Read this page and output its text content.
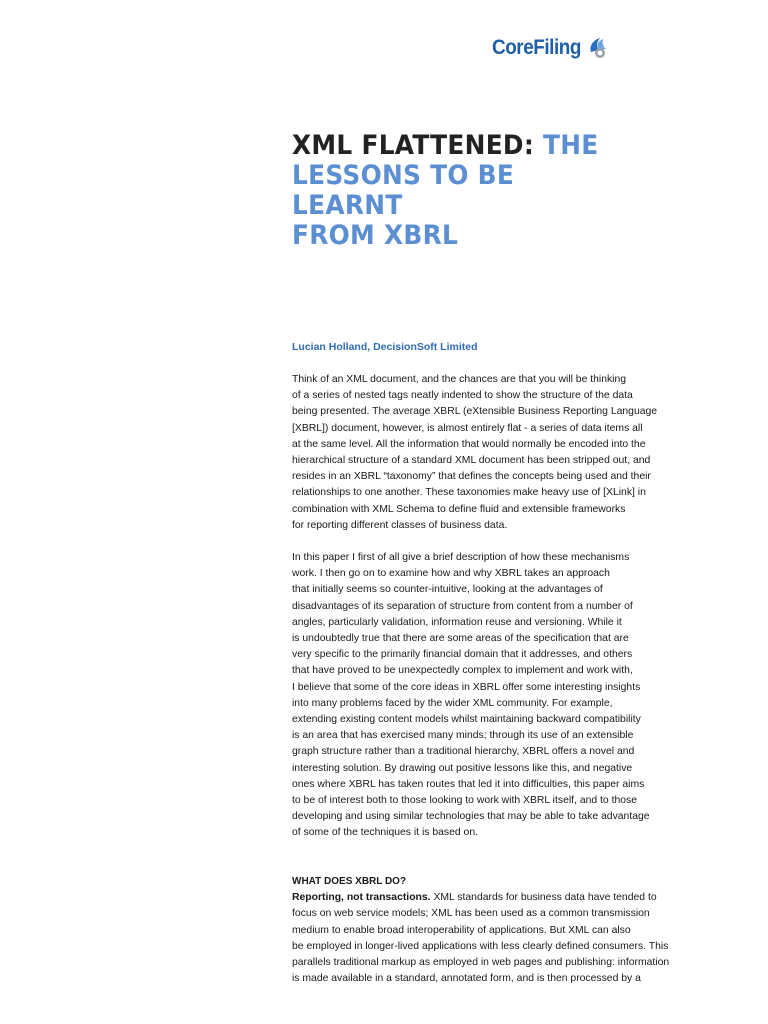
CoreFiling
XML FLATTENED: THE
LESSONS TO BE LEARNT
FROM XBRL
Lucian Holland, DecisionSoft Limited
Think of an XML document, and the chances are that you will be thinking
of a series of nested tags neatly indented to show the structure of the data
being presented. The average XBRL (eXtensible Business Reporting Language
[XBRL]) document, however, is almost entirely flat - a series of data items all
at the same level. All the information that would normally be encoded into the
hierarchical structure of a standard XML document has been stripped out, and
resides in an XBRL “taxonomy” that defines the concepts being used and their
relationships to one another. These taxonomies make heavy use of [XLink] in
combination with XML Schema to define fluid and extensible frameworks
for reporting different classes of business data.
In this paper I first of all give a brief description of how these mechanisms
work. I then go on to examine how and why XBRL takes an approach
that initially seems so counter-intuitive, looking at the advantages of
disadvantages of its separation of structure from content from a number of
angles, particularly validation, information reuse and versioning. While it
is undoubtedly true that there are some areas of the specification that are
very specific to the primarily financial domain that it addresses, and others
that have proved to be unexpectedly complex to implement and work with,
I believe that some of the core ideas in XBRL offer some interesting insights
into many problems faced by the wider XML community. For example,
extending existing content models whilst maintaining backward compatibility
is an area that has exercised many minds; through its use of an extensible
graph structure rather than a traditional hierarchy, XBRL offers a novel and
interesting solution. By drawing out positive lessons like this, and negative
ones where XBRL has taken routes that led it into difficulties, this paper aims
to be of interest both to those looking to work with XBRL itself, and to those
developing and using similar technologies that may be able to take advantage
of some of the techniques it is based on.
WHAT DOES XBRL DO?
Reporting, not transactions. XML standards for business data have tended to
focus on web service models; XML has been used as a common transmission
medium to enable broad interoperability of applications. But XML can also
be employed in longer-lived applications with less clearly defined consumers. This
parallels traditional markup as employed in web pages and publishing: information
is made available in a standard, annotated form, and is then processed by a
